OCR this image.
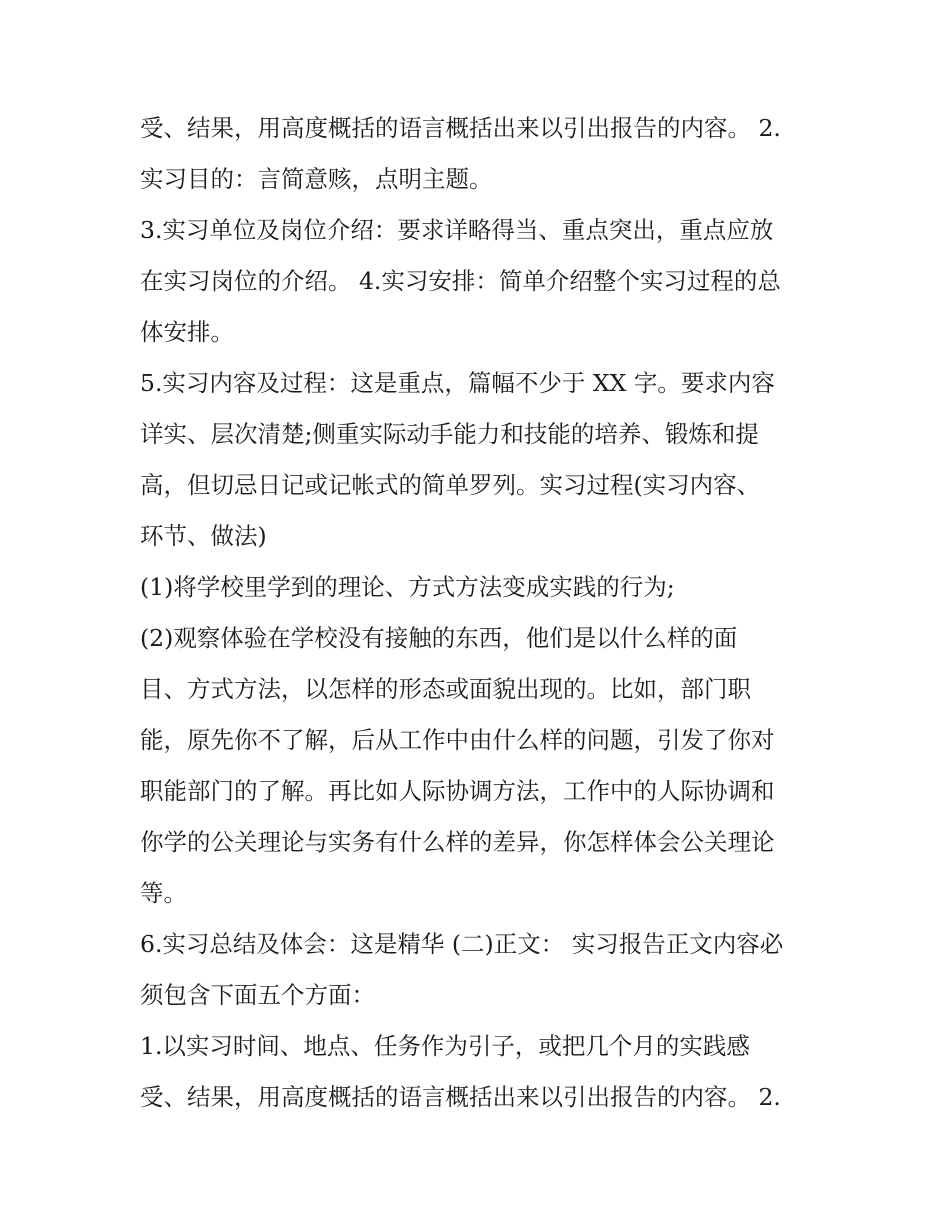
受、结果，用高度概括的语言概括出来以引出报告的内容。 2.
实习目的：言简意赅，点明主题。
3.实习单位及岗位介绍：要求详略得当、重点突出，重点应放
在实习岗位的介绍。 4.实习安排：简单介绍整个实习过程的总
体安排。
5.实习内容及过程：这是重点，篇幅不少于 XX 字。要求内容
详实、层次清楚;侧重实际动手能力和技能的培养、锻炼和提
高，但切忌日记或记帐式的简单罗列。实习过程(实习内容、
环节、做法)
(1)将学校里学到的理论、方式方法变成实践的行为;
(2)观察体验在学校没有接触的东西，他们是以什么样的面
目、方式方法，以怎样的形态或面貌出现的。比如，部门职
能，原先你不了解，后从工作中由什么样的问题，引发了你对
职能部门的了解。再比如人际协调方法，工作中的人际协调和
你学的公关理论与实务有什么样的差异，你怎样体会公关理论
等。
6.实习总结及体会：这是精华 (二)正文： 实习报告正文内容必
须包含下面五个方面：
1.以实习时间、地点、任务作为引子，或把几个月的实践感
受、结果，用高度概括的语言概括出来以引出报告的内容。 2.
